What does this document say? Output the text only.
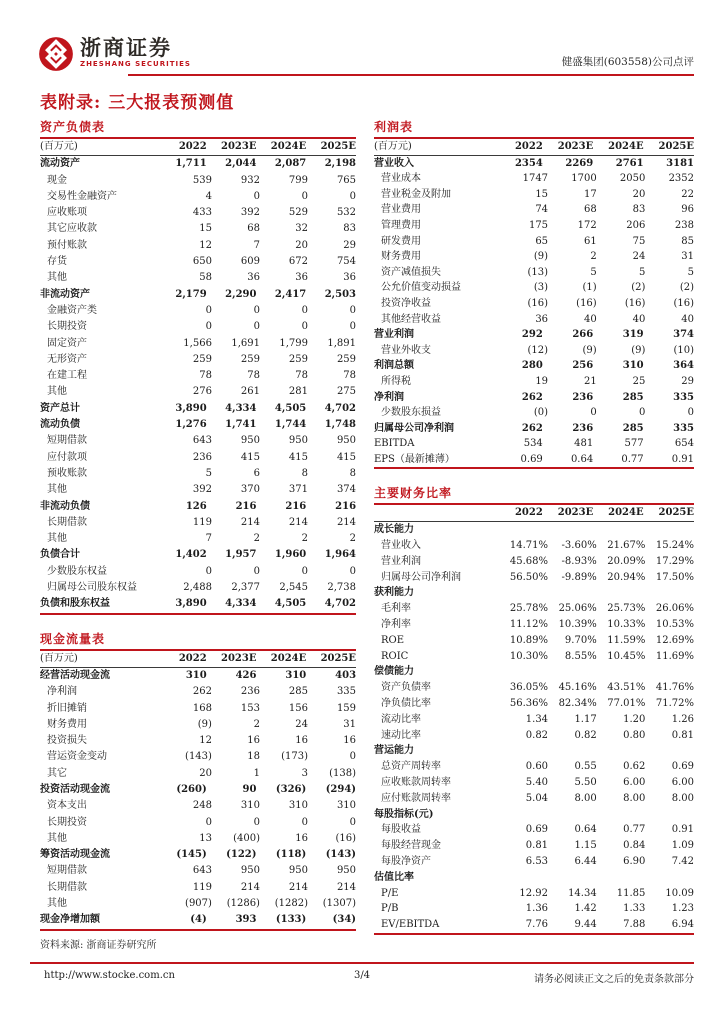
浙商证券
ZHESHANG SECURITIES	健盛集团(603558)公司点评
表附录: 三大报表预测值
资产负债表
(百万元)	2022	2023E	2024E	2025E
流动资产	1,711	2,044	2,087	2,198
现金	539	932	799	765
交易性金融资产	4	0	0	0
应收账项	433	392	529	532
其它应收款	15	68	32	83
预付账款	12	7	20	29
存货	650	609	672	754
其他	58	36	36	36
非流动资产	2,179	2,290	2,417	2,503
金融资产类	0	0	0	0
长期投资	0	0	0	0
固定资产	1,566	1,691	1,799	1,891
无形资产	259	259	259	259
在建工程	78	78	78	78
其他	276	261	281	275
资产总计	3,890	4,334	4,505	4,702
流动负债	1,276	1,741	1,744	1,748
短期借款	643	950	950	950
应付款项	236	415	415	415
预收账款	5	6	8	8
其他	392	370	371	374
非流动负债	126	216	216	216
长期借款	119	214	214	214
其他	7	2	2	2
负债合计	1,402	1,957	1,960	1,964
少数股东权益	0	0	0	0
归属母公司股东权益	2,488	2,377	2,545	2,738
负债和股东权益	3,890	4,334	4,505	4,702
现金流量表
(百万元)	2022	2023E	2024E	2025E
经营活动现金流	310	426	310	403
净利润	262	236	285	335
折旧摊销	168	153	156	159
财务费用	(9)	2	24	31
投资损失	12	16	16	16
营运资金变动	(143)	18	(173)	0
其它	20	1	3	(138)
投资活动现金流	(260)	90	(326)	(294)
资本支出	248	310	310	310
长期投资	0	0	0	0
其他	13	(400)	16	(16)
筹资活动现金流	(145)	(122)	(118)	(143)
短期借款	643	950	950	950
长期借款	119	214	214	214
其他	(907)	(1286)	(1282)	(1307)
现金净增加额	(4)	393	(133)	(34)
利润表
(百万元)	2022	2023E	2024E	2025E
营业收入	2354	2269	2761	3181
营业成本	1747	1700	2050	2352
营业税金及附加	15	17	20	22
营业费用	74	68	83	96
管理费用	175	172	206	238
研发费用	65	61	75	85
财务费用	(9)	2	24	31
资产减值损失	(13)	5	5	5
公允价值变动损益	(3)	(1)	(2)	(2)
投资净收益	(16)	(16)	(16)	(16)
其他经营收益	36	40	40	40
营业利润	292	266	319	374
营业外收支	(12)	(9)	(9)	(10)
利润总额	280	256	310	364
所得税	19	21	25	29
净利润	262	236	285	335
少数股东损益	(0)	0	0	0
归属母公司净利润	262	236	285	335
EBITDA	534	481	577	654
EPS（最新摊薄）	0.69	0.64	0.77	0.91
主要财务比率
2022	2023E	2024E	2025E
成长能力
营业收入	14.71%	-3.60%	21.67%	15.24%
营业利润	45.68%	-8.93%	20.09%	17.29%
归属母公司净利润	56.50%	-9.89%	20.94%	17.50%
获利能力
毛利率	25.78%	25.06%	25.73%	26.06%
净利率	11.12%	10.39%	10.33%	10.53%
ROE	10.89%	9.70%	11.59%	12.69%
ROIC	10.30%	8.55%	10.45%	11.69%
偿债能力
资产负债率	36.05%	45.16%	43.51%	41.76%
净负债比率	56.36%	82.34%	77.01%	71.72%
流动比率	1.34	1.17	1.20	1.26
速动比率	0.82	0.82	0.80	0.81
营运能力
总资产周转率	0.60	0.55	0.62	0.69
应收账款周转率	5.40	5.50	6.00	6.00
应付账款周转率	5.04	8.00	8.00	8.00
每股指标(元)
每股收益	0.69	0.64	0.77	0.91
每股经营现金	0.81	1.15	0.84	1.09
每股净资产	6.53	6.44	6.90	7.42
估值比率
P/E	12.92	14.34	11.85	10.09
P/B	1.36	1.42	1.33	1.23
EV/EBITDA	7.76	9.44	7.88	6.94
资料来源: 浙商证券研究所
http://www.stocke.com.cn	3/4	请务必阅读正文之后的免责条款部分
